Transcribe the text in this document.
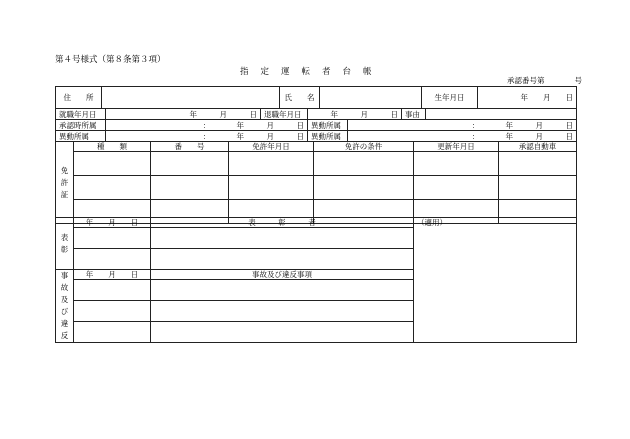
第４号様式（第８条第３項）
指定運転者台帳
承認番号第　　　　号
住　　所		氏　　名		生年月日	年　　月　　日
就職年月日	年　　　月　　　日	退職年月日	年　　　月　　　日	事由	
承認時所属	：　　　　年　　　月　　　日	異動所属	：　　　　年　　　月　　　日
異動所属	：　　　　年　　　月　　　日	異動所属	：　　　　年　　　月　　　日
免許証	種　　類	番　　号	免許年月日	免許の条件	更新年月日	承認自動車

表彰	年　　月　　日	表　　　彰　　　者	（適用）

事故及び違反	年　　月　　日	事故及び違反事項	
